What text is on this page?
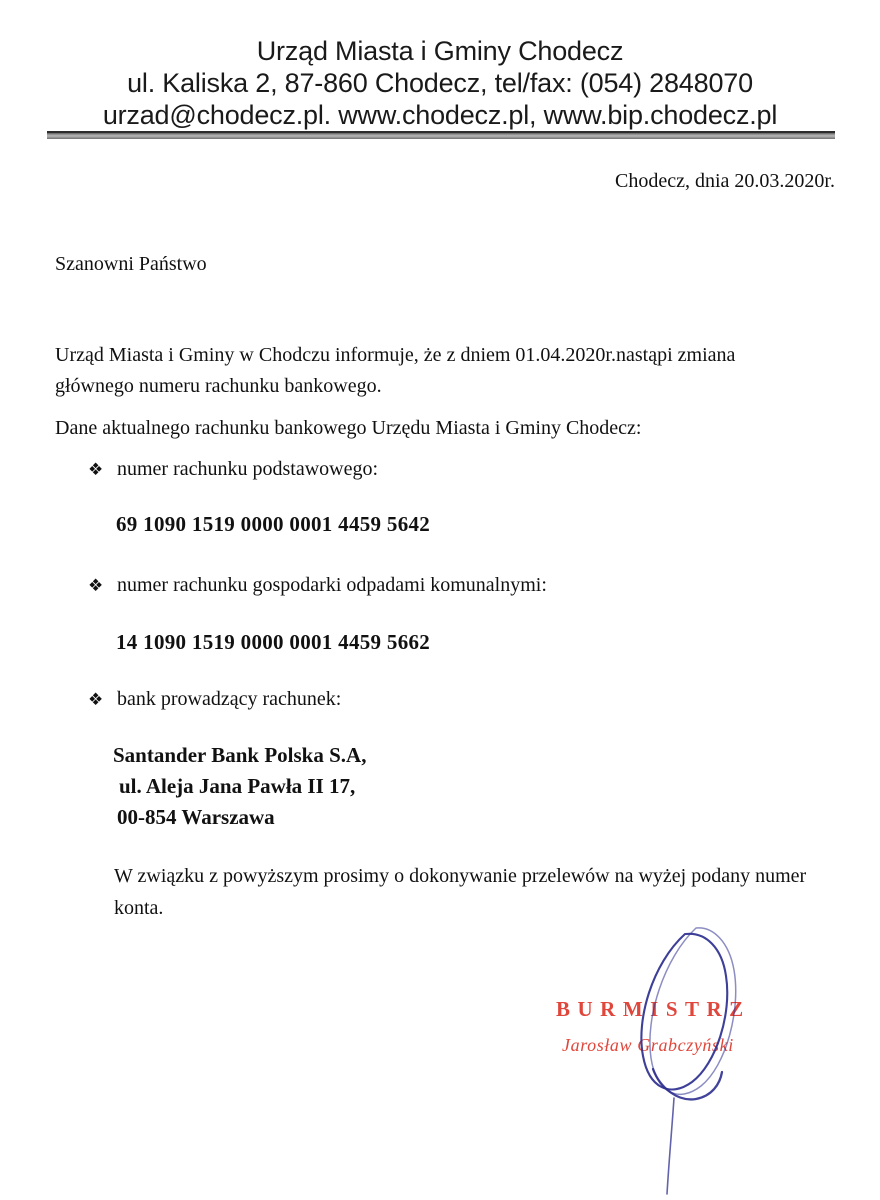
Urząd Miasta i Gminy Chodecz
ul. Kaliska 2, 87-860 Chodecz, tel/fax: (054) 2848070
urzad@chodecz.pl. www.chodecz.pl, www.bip.chodecz.pl
Chodecz, dnia 20.03.2020r.
Szanowni Państwo
Urząd Miasta i Gminy w Chodczu informuje, że z dniem 01.04.2020r.nastąpi zmiana głównego numeru rachunku bankowego.
Dane aktualnego rachunku bankowego Urzędu Miasta i Gminy Chodecz:
❖ numer rachunku podstawowego:
69 1090 1519 0000 0001 4459 5642
❖ numer rachunku gospodarki odpadami komunalnymi:
14 1090 1519 0000 0001 4459 5662
❖ bank prowadzący rachunek:
Santander Bank Polska S.A,
ul. Aleja Jana Pawła II 17,
00-854 Warszawa
W związku z powyższym prosimy o dokonywanie przelewów na wyżej podany numer konta.
BURMISTRZ
Jarosław Grabczyński
